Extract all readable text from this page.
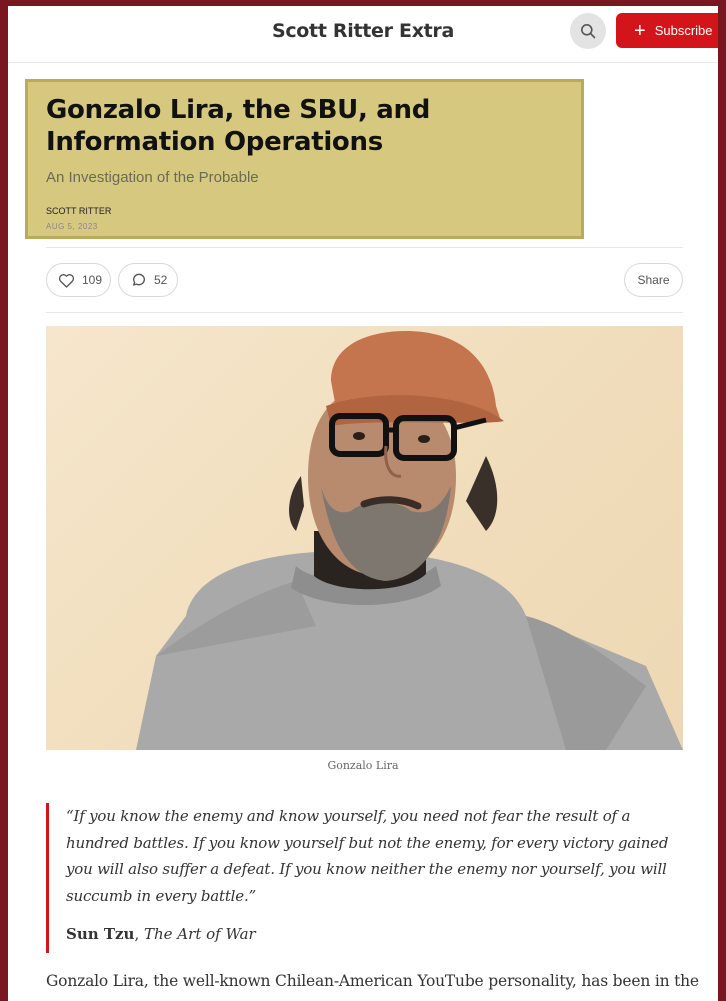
Scott Ritter Extra	+ Subscribe
Gonzalo Lira, the SBU, and Information Operations
An Investigation of the Probable
SCOTT RITTER
AUG 5, 2023
109	52	Share
Gonzalo Lira

“If you know the enemy and know yourself, you need not fear the result of a hundred battles. If you know yourself but not the enemy, for every victory gained you will also suffer a defeat. If you know neither the enemy nor yourself, you will succumb in every battle.”

Sun Tzu, The Art of War
Gonzalo Lira, the well-known Chilean-American YouTube personality, has been in the
